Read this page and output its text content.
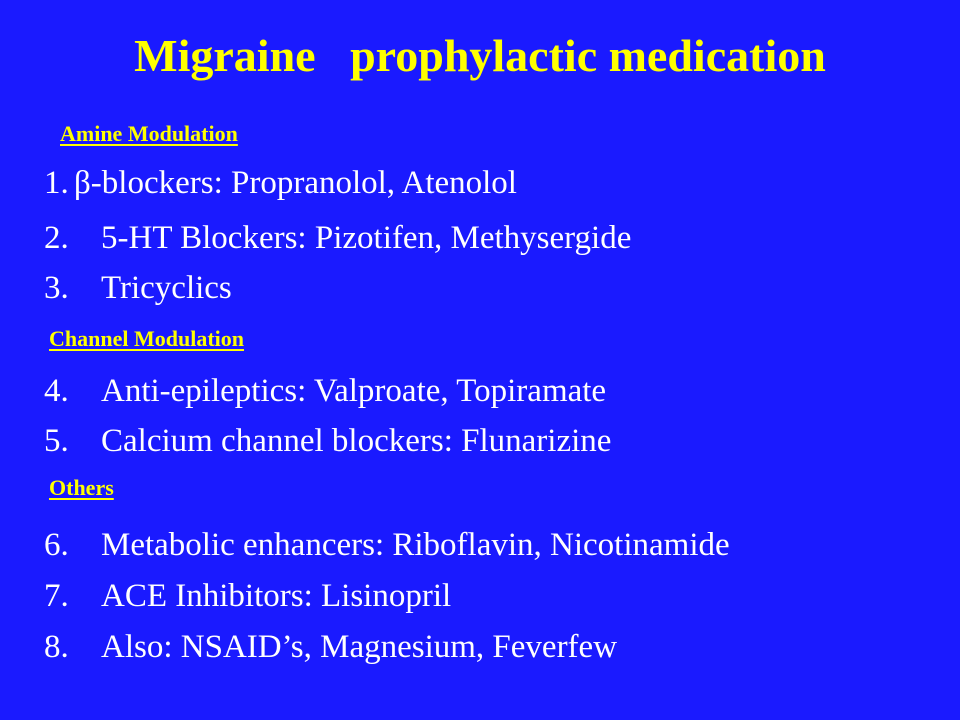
Migraine   prophylactic medication
Amine Modulation
1. β-blockers: Propranolol, Atenolol
2. 5-HT Blockers: Pizotifen, Methysergide
3. Tricyclics
Channel Modulation
4. Anti-epileptics: Valproate, Topiramate
5. Calcium channel blockers: Flunarizine
Others
6. Metabolic enhancers: Riboflavin, Nicotinamide
7. ACE Inhibitors: Lisinopril
8. Also: NSAID’s, Magnesium, Feverfew
